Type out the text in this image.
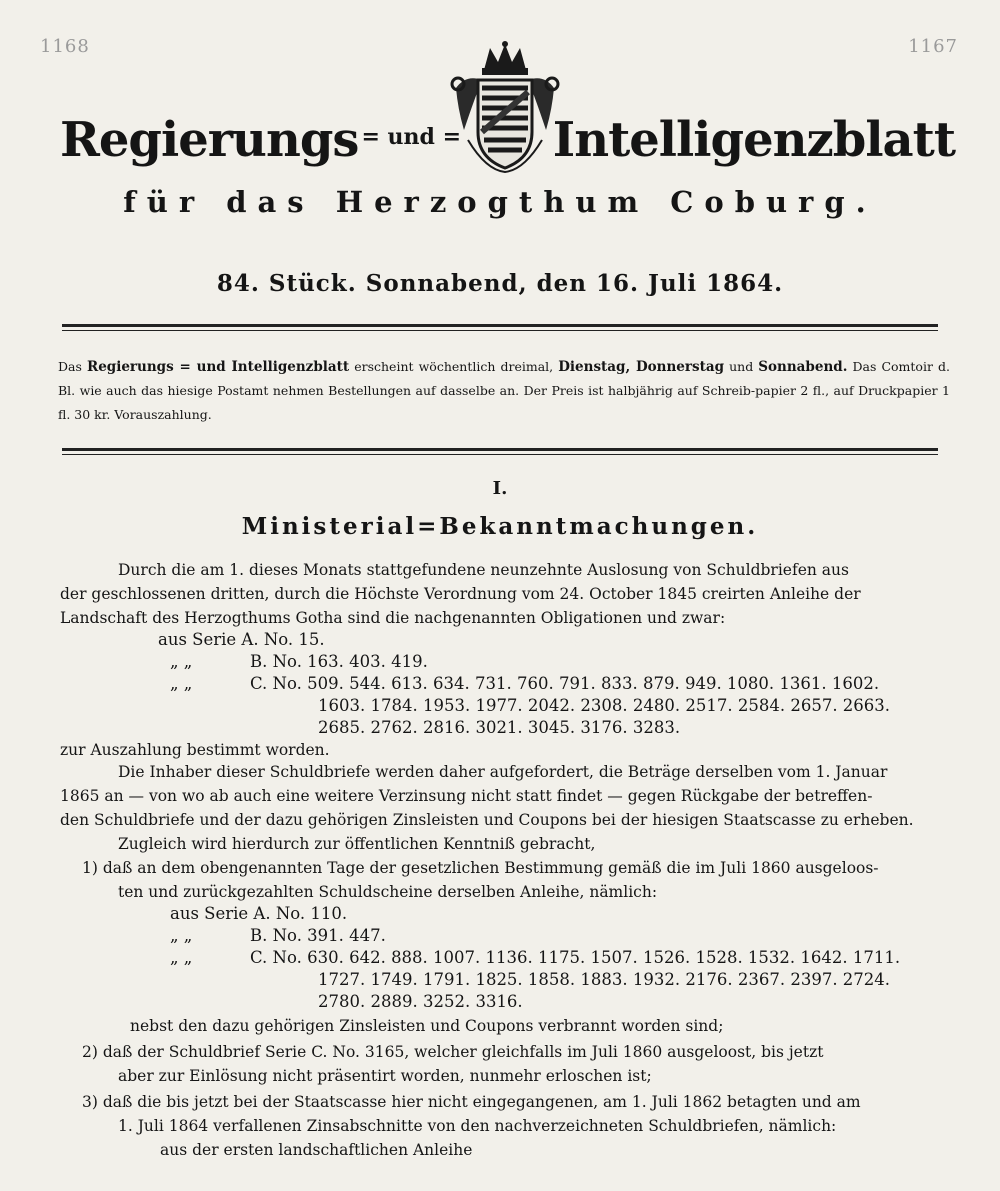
1168	1167
Regierungs $^{= und =}$ Intelligenzblatt
für das Herzogthum Coburg.
84. Stück. Sonnabend, den 16. Juli 1864.
Das Regierungs = und Intelligenzblatt erscheint wöchentlich dreimal, Dienstag, Donnerstag und Sonnabend. Das Comtoir d. Bl. wie auch das hiesige Postamt nehmen Bestellungen auf dasselbe an. Der Preis ist halbjährig auf Schreib-papier 2 fl., auf Druckpapier 1 fl. 30 kr. Vorauszahlung.
I.
Ministerial=Bekanntmachungen.
Durch die am 1. dieses Monats stattgefundene neunzehnte Auslosung von Schuldbriefen aus
der geschlossenen dritten, durch die Höchste Verordnung vom 24. October 1845 creirten Anleihe der
Landschaft des Herzogthums Gotha sind die nachgenannten Obligationen und zwar:
aus Serie A. No. 15.
„ „	B. No. 163. 403. 419.
„ „	C. No. 509. 544. 613. 634. 731. 760. 791. 833. 879. 949. 1080. 1361. 1602.
1603. 1784. 1953. 1977. 2042. 2308. 2480. 2517. 2584. 2657. 2663.
2685. 2762. 2816. 3021. 3045. 3176. 3283.
zur Auszahlung bestimmt worden.
Die Inhaber dieser Schuldbriefe werden daher aufgefordert, die Beträge derselben vom 1. Januar
1865 an — von wo ab auch eine weitere Verzinsung nicht statt findet — gegen Rückgabe der betreffen-
den Schuldbriefe und der dazu gehörigen Zinsleisten und Coupons bei der hiesigen Staatscasse zu erheben.
Zugleich wird hierdurch zur öffentlichen Kenntniß gebracht,
1) daß an dem obengenannten Tage der gesetzlichen Bestimmung gemäß die im Juli 1860 ausgeloos-
ten und zurückgezahlten Schuldscheine derselben Anleihe, nämlich:
aus Serie A. No. 110.
„ „	B. No. 391. 447.
„ „	C. No. 630. 642. 888. 1007. 1136. 1175. 1507. 1526. 1528. 1532. 1642. 1711.
1727. 1749. 1791. 1825. 1858. 1883. 1932. 2176. 2367. 2397. 2724.
2780. 2889. 3252. 3316.
nebst den dazu gehörigen Zinsleisten und Coupons verbrannt worden sind;
2) daß der Schuldbrief Serie C. No. 3165, welcher gleichfalls im Juli 1860 ausgeloost, bis jetzt
aber zur Einlösung nicht präsentirt worden, nunmehr erloschen ist;
3) daß die bis jetzt bei der Staatscasse hier nicht eingegangenen, am 1. Juli 1862 betagten und am
1. Juli 1864 verfallenen Zinsabschnitte von den nachverzeichneten Schuldbriefen, nämlich:
aus der ersten landschaftlichen Anleihe
